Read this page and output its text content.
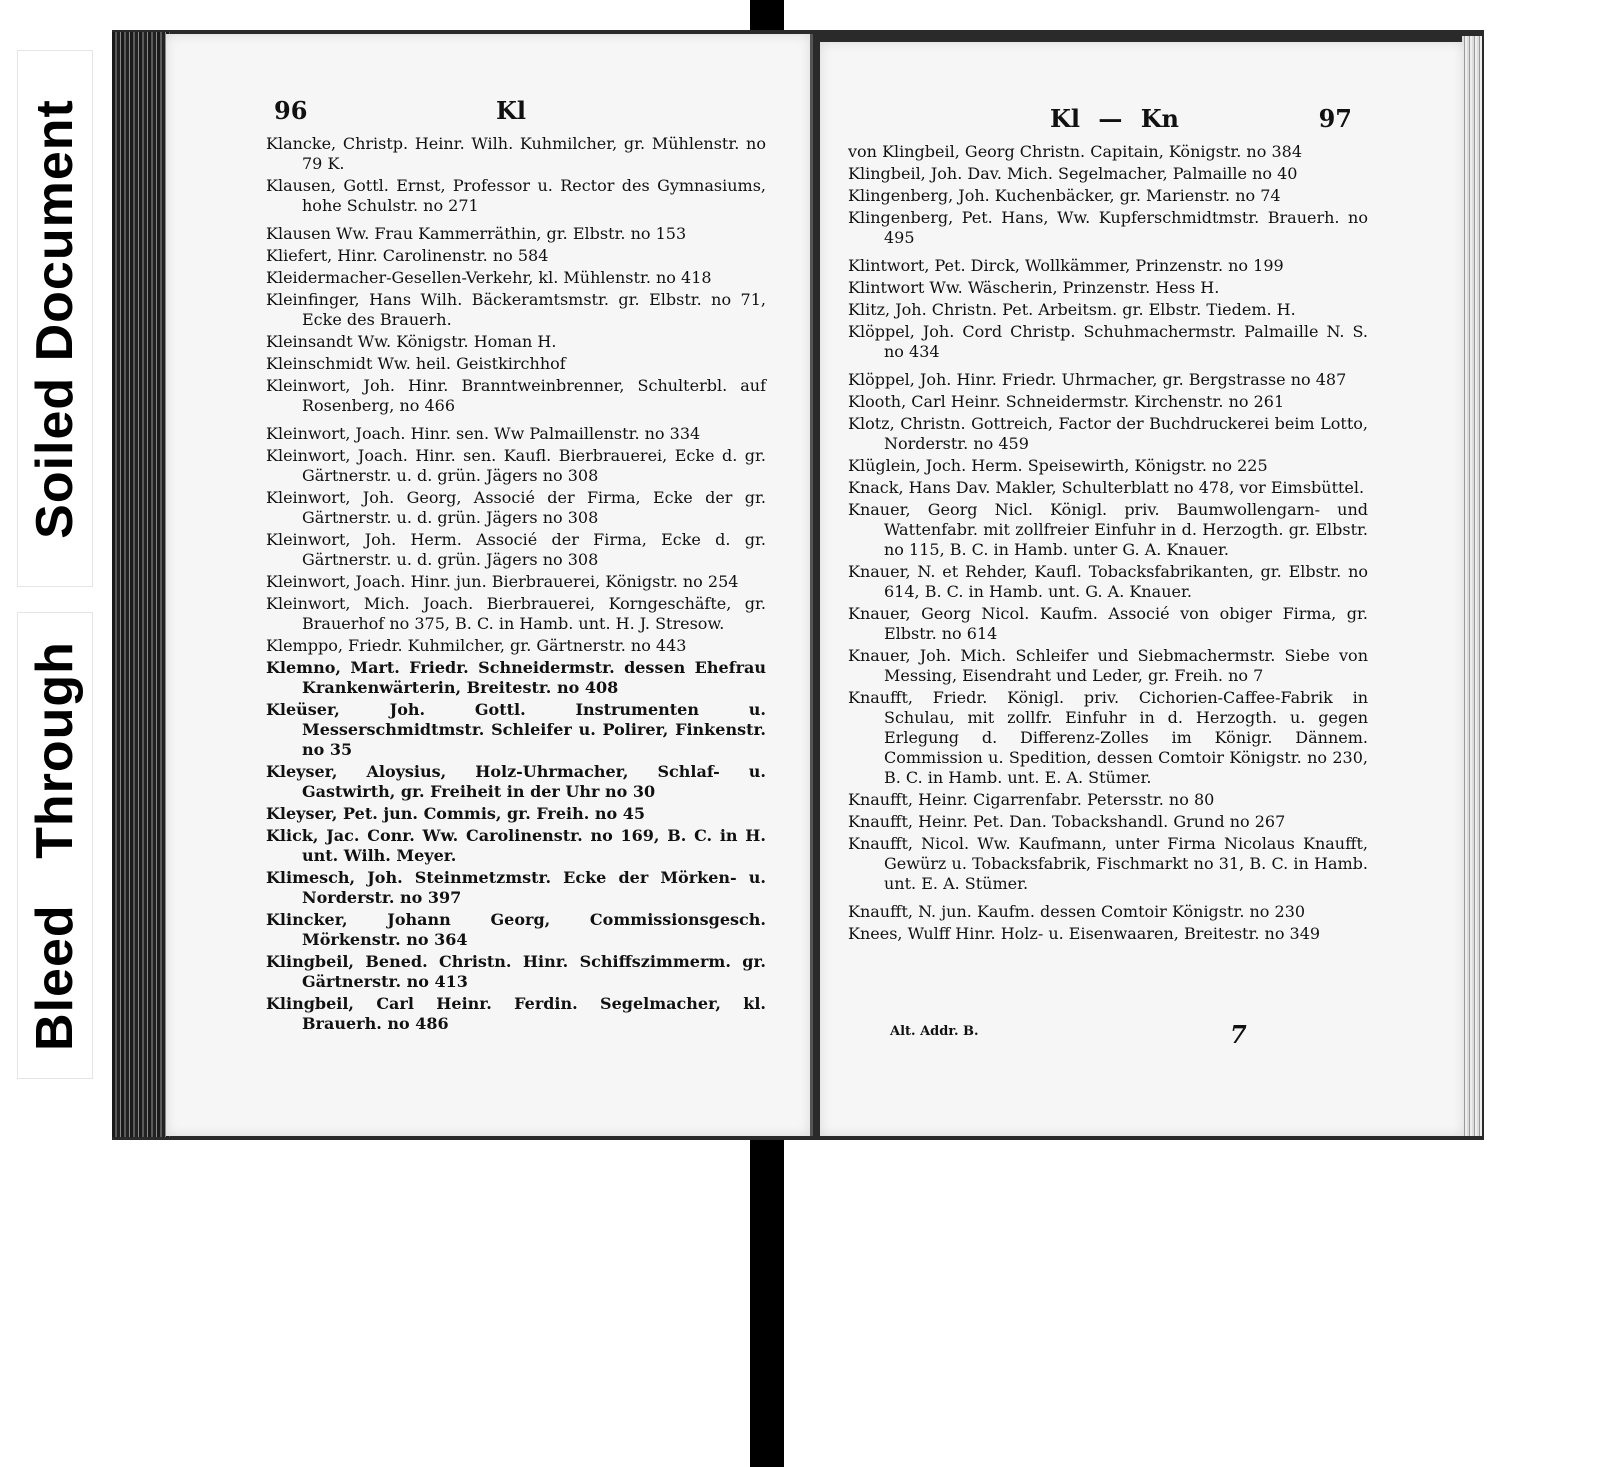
Soiled Document
Bleed Through
96	Kl
Klancke, Christp. Heinr. Wilh. Kuhmilcher, gr. Mühlenstr. no 79 K.
Klausen, Gottl. Ernst, Professor u. Rector des Gymnasiums, hohe Schulstr. no 271
Klausen Ww. Frau Kammerräthin, gr. Elbstr. no 153
Kliefert, Hinr. Carolinenstr. no 584
Kleidermacher-Gesellen-Verkehr, kl. Mühlenstr. no 418
Kleinfinger, Hans Wilh. Bäckeramtsmstr. gr. Elbstr. no 71, Ecke des Brauerh.
Kleinsandt Ww. Königstr. Homan H.
Kleinschmidt Ww. heil. Geistkirchhof
Kleinwort, Joh. Hinr. Branntweinbrenner, Schulterbl. auf Rosenberg, no 466
Kleinwort, Joach. Hinr. sen. Ww Palmaillenstr. no 334
Kleinwort, Joach. Hinr. sen. Kaufl. Bierbrauerei, Ecke d. gr. Gärtnerstr. u. d. grün. Jägers no 308
Kleinwort, Joh. Georg, Associé der Firma, Ecke der gr. Gärtnerstr. u. d. grün. Jägers no 308
Kleinwort, Joh. Herm. Associé der Firma, Ecke d. gr. Gärtnerstr. u. d. grün. Jägers no 308
Kleinwort, Joach. Hinr. jun. Bierbrauerei, Königstr. no 254
Kleinwort, Mich. Joach. Bierbrauerei, Korngeschäfte, gr. Brauerhof no 375, B. C. in Hamb. unt. H. J. Stresow.
Klemppo, Friedr. Kuhmilcher, gr. Gärtnerstr. no 443
Klemno, Mart. Friedr. Schneidermstr. dessen Ehefrau Krankenwärterin, Breitestr. no 408
Kleüser, Joh. Gottl. Instrumenten u. Messerschmidtmstr. Schleifer u. Polirer, Finkenstr. no 35
Kleyser, Aloysius, Holz-Uhrmacher, Schlaf- u. Gastwirth, gr. Freiheit in der Uhr no 30
Kleyser, Pet. jun. Commis, gr. Freih. no 45
Klick, Jac. Conr. Ww. Carolinenstr. no 169, B. C. in H. unt. Wilh. Meyer.
Klimesch, Joh. Steinmetzmstr. Ecke der Mörken- u. Norderstr. no 397
Klincker, Johann Georg, Commissionsgesch. Mörkenstr. no 364
Klingbeil, Bened. Christn. Hinr. Schiffszimmerm. gr. Gärtnerstr. no 413
Klingbeil, Carl Heinr. Ferdin. Segelmacher, kl. Brauerh. no 486
Kl — Kn	97
von Klingbeil, Georg Christn. Capitain, Königstr. no 384
Klingbeil, Joh. Dav. Mich. Segelmacher, Palmaille no 40
Klingenberg, Joh. Kuchenbäcker, gr. Marienstr. no 74
Klingenberg, Pet. Hans, Ww. Kupferschmidtmstr. Brauerh. no 495
Klintwort, Pet. Dirck, Wollkämmer, Prinzenstr. no 199
Klintwort Ww. Wäscherin, Prinzenstr. Hess H.
Klitz, Joh. Christn. Pet. Arbeitsm. gr. Elbstr. Tiedem. H.
Klöppel, Joh. Cord Christp. Schuhmachermstr. Palmaille N. S. no 434
Klöppel, Joh. Hinr. Friedr. Uhrmacher, gr. Bergstrasse no 487
Klooth, Carl Heinr. Schneidermstr. Kirchenstr. no 261
Klotz, Christn. Gottreich, Factor der Buchdruckerei beim Lotto, Norderstr. no 459
Klüglein, Joch. Herm. Speisewirth, Königstr. no 225
Knack, Hans Dav. Makler, Schulterblatt no 478, vor Eimsbüttel.
Knauer, Georg Nicl. Königl. priv. Baumwollengarn- und Wattenfabr. mit zollfreier Einfuhr in d. Herzogth. gr. Elbstr. no 115, B. C. in Hamb. unter G. A. Knauer.
Knauer, N. et Rehder, Kaufl. Tobacksfabrikanten, gr. Elbstr. no 614, B. C. in Hamb. unt. G. A. Knauer.
Knauer, Georg Nicol. Kaufm. Associé von obiger Firma, gr. Elbstr. no 614
Knauer, Joh. Mich. Schleifer und Siebmachermstr. Siebe von Messing, Eisendraht und Leder, gr. Freih. no 7
Knaufft, Friedr. Königl. priv. Cichorien-Caffee-Fabrik in Schulau, mit zollfr. Einfuhr in d. Herzogth. u. gegen Erlegung d. Differenz-Zolles im Königr. Dännem. Commission u. Spedition, dessen Comtoir Königstr. no 230, B. C. in Hamb. unt. E. A. Stümer.
Knaufft, Heinr. Cigarrenfabr. Petersstr. no 80
Knaufft, Heinr. Pet. Dan. Tobackshandl. Grund no 267
Knaufft, Nicol. Ww. Kaufmann, unter Firma Nicolaus Knaufft, Gewürz u. Tobacksfabrik, Fischmarkt no 31, B. C. in Hamb. unt. E. A. Stümer.
Knaufft, N. jun. Kaufm. dessen Comtoir Königstr. no 230
Knees, Wulff Hinr. Holz- u. Eisenwaaren, Breitestr. no 349
Alt. Addr. B.	7
